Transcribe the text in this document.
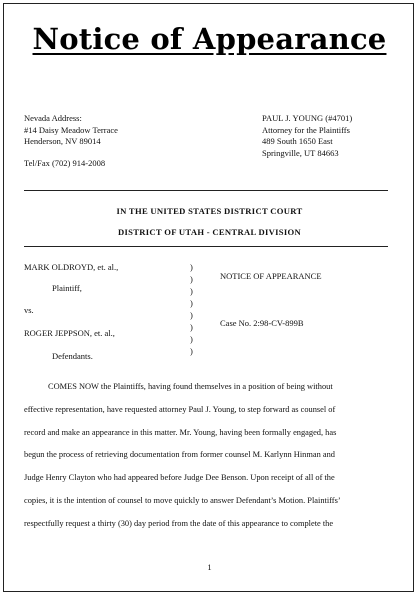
Notice of Appearance
Nevada Address:
#14 Daisy Meadow Terrace
Henderson, NV 89014
Tel/Fax (702) 914-2008
PAUL J. YOUNG (#4701)
Attorney for the Plaintiffs
489 South 1650 East
Springville, UT 84663
IN THE UNITED STATES DISTRICT COURT
DISTRICT OF UTAH - CENTRAL DIVISION
MARK OLDROYD, et. al.,
Plaintiff,
vs.
ROGER JEPPSON, et. al.,
Defendants.
)
)
)
)
)
)
)
)
NOTICE OF APPEARANCE
Case No. 2:98-CV-899B

COMES NOW the Plaintiffs, having found themselves in a position of being without

effective representation, have requested attorney Paul J. Young, to step forward as counsel of

record and make an appearance in this matter. Mr. Young, having been formally engaged, has

begun the process of retrieving documentation from former counsel M. Karlynn Hinman and

Judge Henry Clayton who had appeared before Judge Dee Benson. Upon receipt of all of the

copies, it is the intention of counsel to move quickly to answer Defendant’s Motion. Plaintiffs’

respectfully request a thirty (30) day period from the date of this appearance to complete the

1
